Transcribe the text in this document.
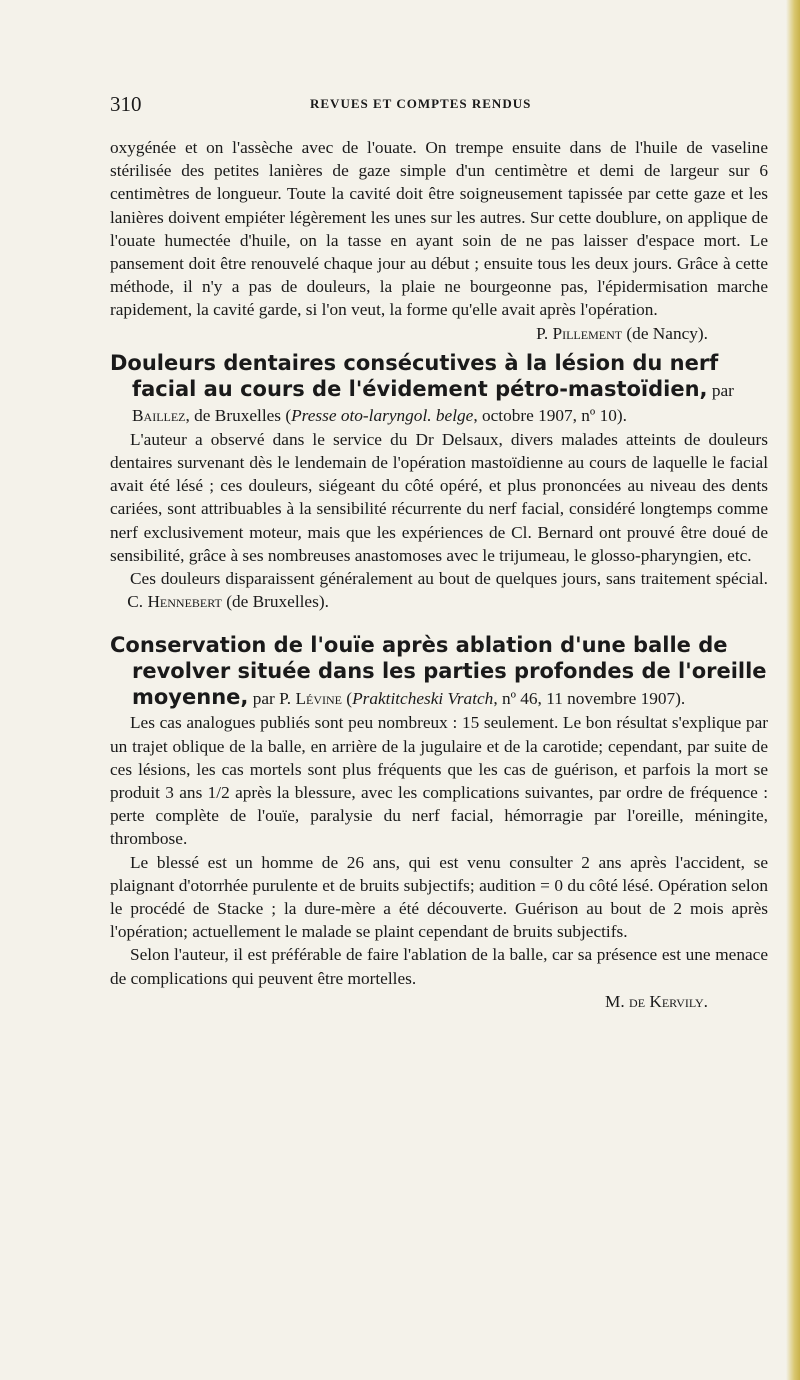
310	REVUES ET COMPTES RENDUS

oxygénée et on l'assèche avec de l'ouate. On trempe ensuite dans de l'huile de vaseline stérilisée des petites lanières de gaze simple d'un centimètre et demi de largeur sur 6 centimètres de longueur. Toute la cavité doit être soigneusement tapissée par cette gaze et les lanières doivent empiéter légèrement les unes sur les autres. Sur cette doublure, on applique de l'ouate humectée d'huile, on la tasse en ayant soin de ne pas laisser d'espace mort. Le pansement doit être renouvelé chaque jour au début ; ensuite tous les deux jours. Grâce à cette méthode, il n'y a pas de douleurs, la plaie ne bourgeonne pas, l'épidermisation marche rapidement, la cavité garde, si l'on veut, la forme qu'elle avait après l'opération.

P. Pillement (de Nancy).

Douleurs dentaires consécutives à la lésion du nerf facial au cours de l'évidement pétro-mastoïdien, par Baillez, de Bruxelles (Presse oto-laryngol. belge, octobre 1907, nº 10).

L'auteur a observé dans le service du Dr Delsaux, divers malades atteints de douleurs dentaires survenant dès le lendemain de l'opération mastoïdienne au cours de laquelle le facial avait été lésé ; ces douleurs, siégeant du côté opéré, et plus prononcées au niveau des dents cariées, sont attribuables à la sensibilité récurrente du nerf facial, considéré longtemps comme nerf exclusivement moteur, mais que les expériences de Cl. Bernard ont prouvé être doué de sensibilité, grâce à ses nombreuses anastomoses avec le trijumeau, le glosso-pharyngien, etc.

Ces douleurs disparaissent généralement au bout de quelques jours, sans traitement spécial.     C. Hennebert (de Bruxelles).

Conservation de l'ouïe après ablation d'une balle de revolver située dans les parties profondes de l'oreille moyenne, par P. Lévine (Praktitcheski Vratch, nº 46, 11 novembre 1907).

Les cas analogues publiés sont peu nombreux : 15 seulement. Le bon résultat s'explique par un trajet oblique de la balle, en arrière de la jugulaire et de la carotide; cependant, par suite de ces lésions, les cas mortels sont plus fréquents que les cas de guérison, et parfois la mort se produit 3 ans 1/2 après la blessure, avec les complications suivantes, par ordre de fréquence : perte complète de l'ouïe, paralysie du nerf facial, hémorragie par l'oreille, méningite, thrombose.

Le blessé est un homme de 26 ans, qui est venu consulter 2 ans après l'accident, se plaignant d'otorrhée purulente et de bruits subjectifs; audition = 0 du côté lésé. Opération selon le procédé de Stacke ; la dure-mère a été découverte. Guérison au bout de 2 mois après l'opération; actuellement le malade se plaint cependant de bruits subjectifs.

Selon l'auteur, il est préférable de faire l'ablation de la balle, car sa présence est une menace de complications qui peuvent être mortelles.

M. de Kervily.
